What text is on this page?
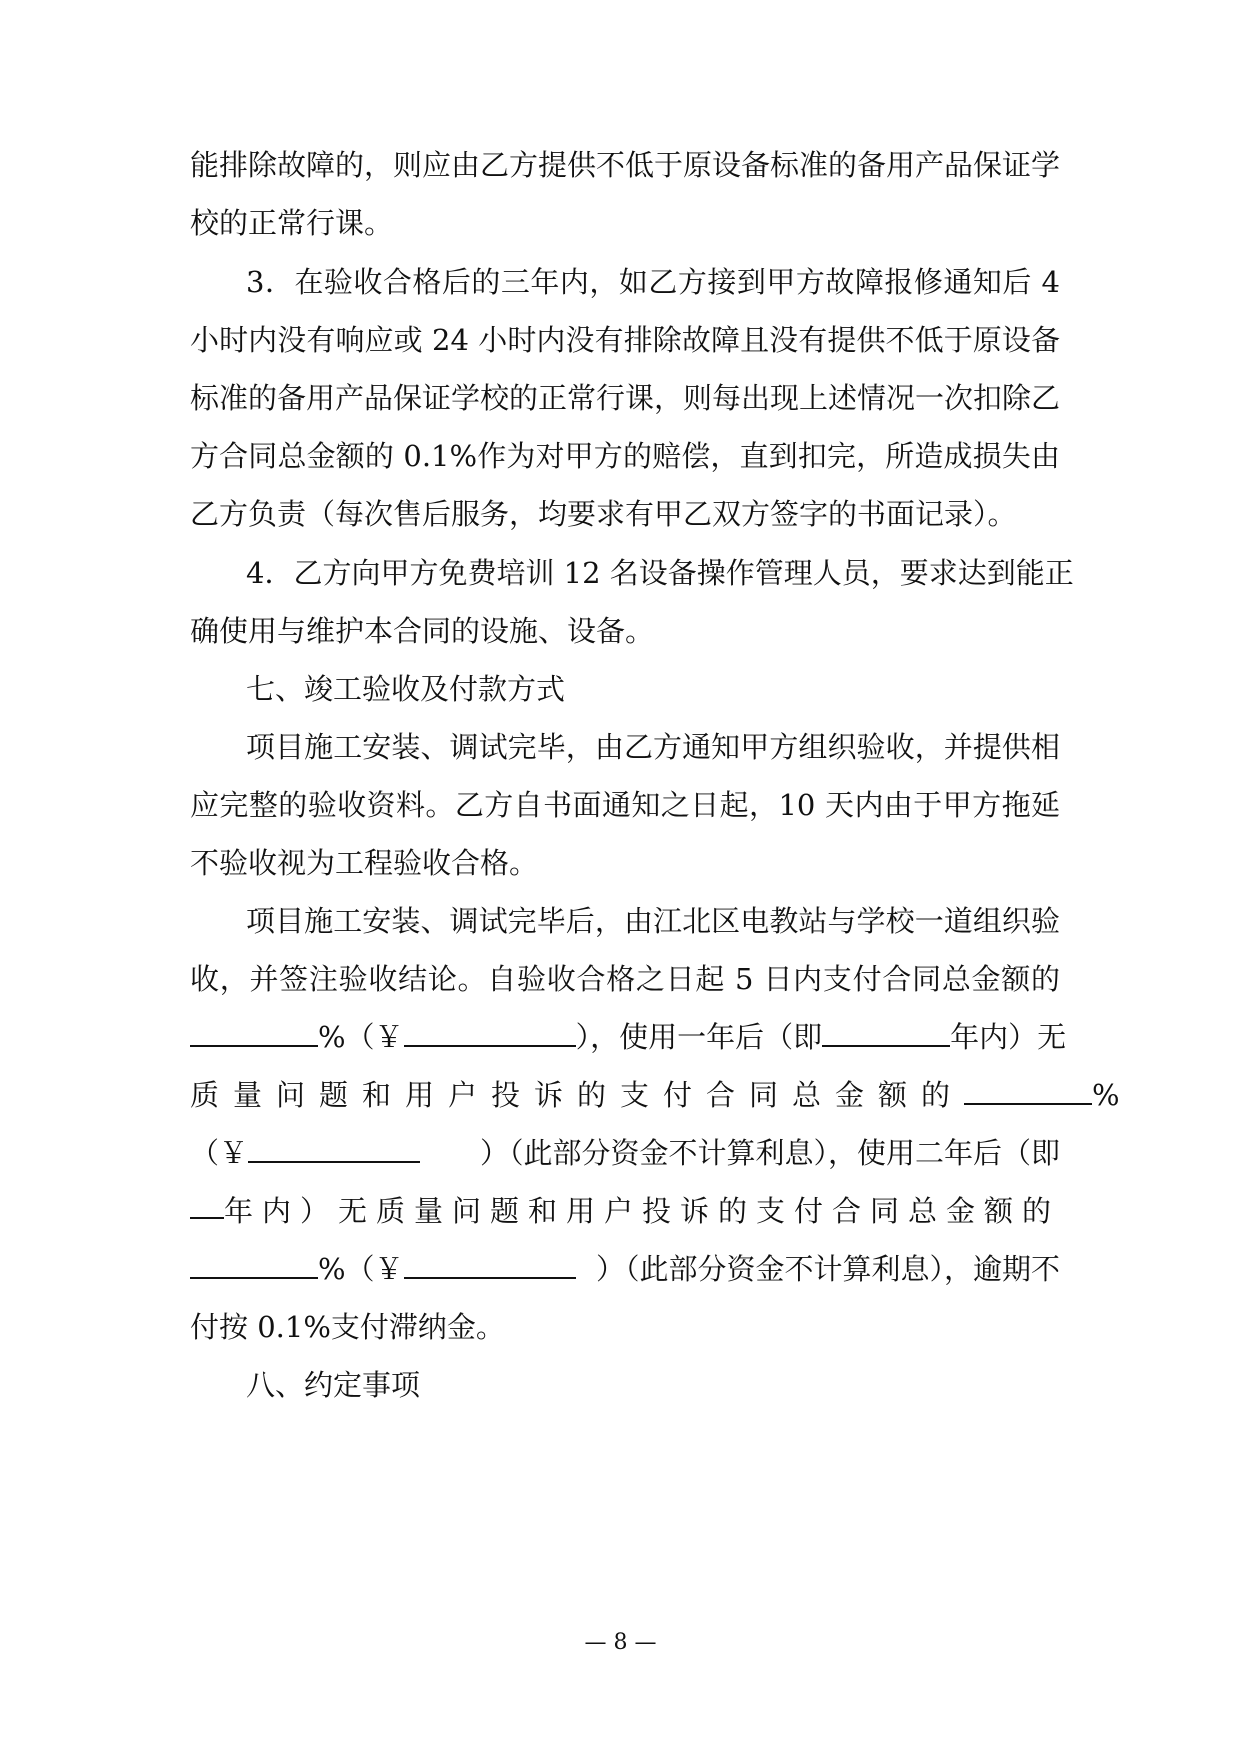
能排除故障的，则应由乙方提供不低于原设备标准的备用产品保证学
校的正常行课。
3．在验收合格后的三年内，如乙方接到甲方故障报修通知后 4
小时内没有响应或 24 小时内没有排除故障且没有提供不低于原设备
标准的备用产品保证学校的正常行课，则每出现上述情况一次扣除乙
方合同总金额的 0.1%作为对甲方的赔偿，直到扣完，所造成损失由
乙方负责（每次售后服务，均要求有甲乙双方签字的书面记录）。
4．乙方向甲方免费培训 12 名设备操作管理人员，要求达到能正
确使用与维护本合同的设施、设备。
七、竣工验收及付款方式
项目施工安装、调试完毕，由乙方通知甲方组织验收，并提供相
应完整的验收资料。乙方自书面通知之日起，10 天内由于甲方拖延
不验收视为工程验收合格。
项目施工安装、调试完毕后，由江北区电教站与学校一道组织验
收，并签注验收结论。自验收合格之日起 5 日内支付合同总金额的
%（￥	），使用一年后（即	年内）无
质量问题和用户投诉的支付合同总金额的	%
（￥	）（此部分资金不计算利息），使用二年后（即
年内）无质量问题和用户投诉的支付合同总金额的
%（￥	）（此部分资金不计算利息），逾期不
付按 0.1%支付滞纳金。
八、约定事项
— 8 —
